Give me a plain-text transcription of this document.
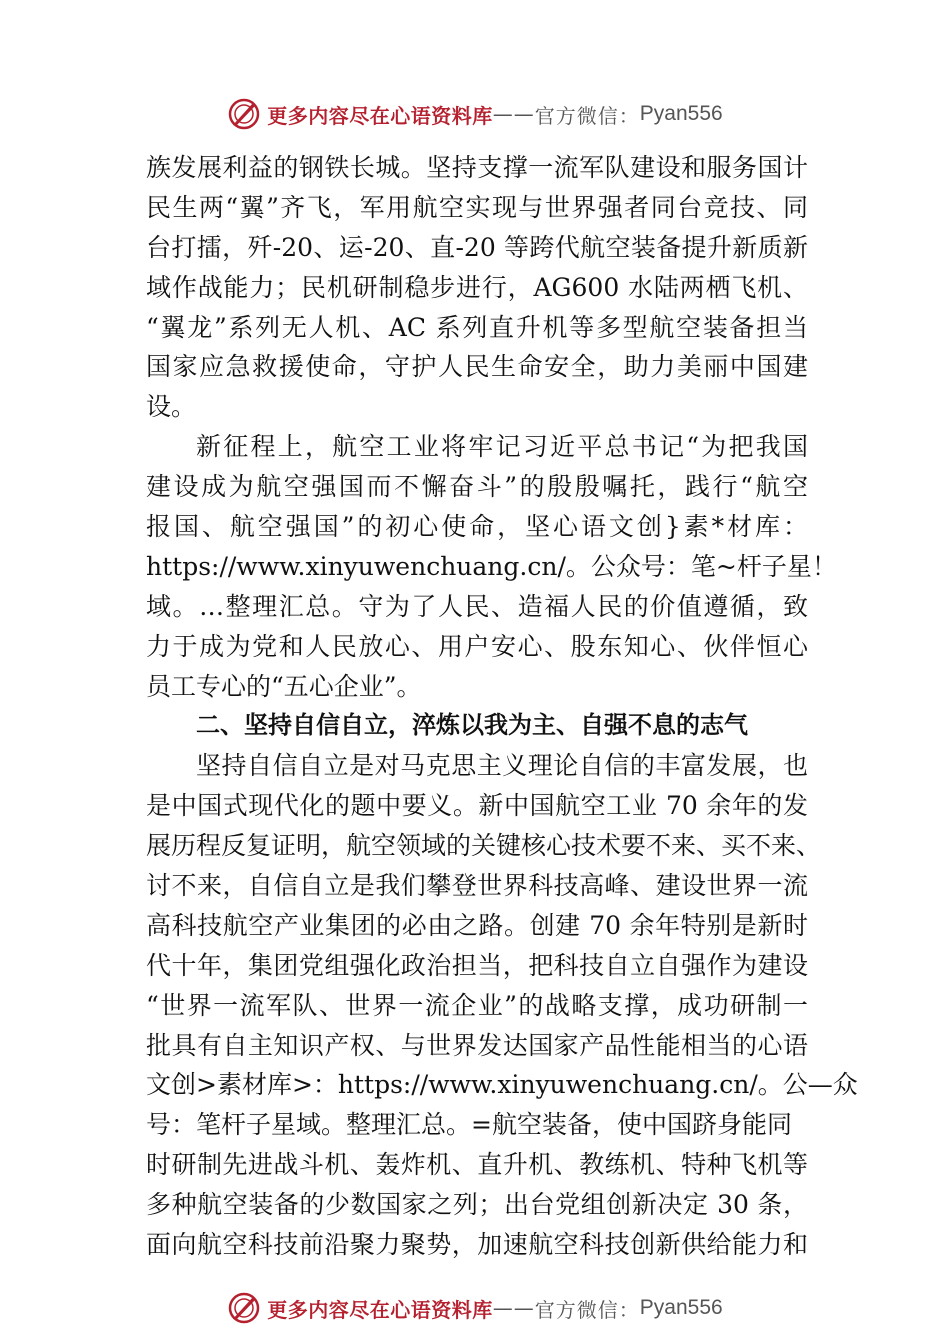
更多内容尽在心语资料库 —— 官方微信： Pyan556
族发展利益的钢铁长城。坚持支撑一流军队建设和服务国计
民生两“翼”齐飞，军用航空实现与世界强者同台竞技、同
台打擂，歼-20、运-20、直-20 等跨代航空装备提升新质新
域作战能力；民机研制稳步进行，AG600 水陆两栖飞机、
“翼龙”系列无人机、AC 系列直升机等多型航空装备担当
国家应急救援使命，守护人民生命安全，助力美丽中国建
设。
新征程上，航空工业将牢记习近平总书记“为把我国
建设成为航空强国而不懈奋斗”的殷殷嘱托，践行“航空
报国、航空强国”的初心使命，坚心语文创}素*材库：
https://www.xinyuwenchuang.cn/。公众号：笔~杆子星！
域。…整理汇总。守为了人民、造福人民的价值遵循，致
力于成为党和人民放心、用户安心、股东知心、伙伴恒心
员工专心的“五心企业”。
二、坚持自信自立，淬炼以我为主、自强不息的志气
坚持自信自立是对马克思主义理论自信的丰富发展，也
是中国式现代化的题中要义。新中国航空工业 70 余年的发
展历程反复证明，航空领域的关键核心技术要不来、买不来、
讨不来，自信自立是我们攀登世界科技高峰、建设世界一流
高科技航空产业集团的必由之路。创建 70 余年特别是新时
代十年，集团党组强化政治担当，把科技自立自强作为建设
“世界一流军队、世界一流企业”的战略支撑，成功研制一
批具有自主知识产权、与世界发达国家产品性能相当的心语
文创>素材库>：https://www.xinyuwenchuang.cn/。公—众
号：笔杆子星域。整理汇总。=航空装备，使中国跻身能同
时研制先进战斗机、轰炸机、直升机、教练机、特种飞机等
多种航空装备的少数国家之列；出台党组创新决定 30 条，
面向航空科技前沿聚力聚势，加速航空科技创新供给能力和
更多内容尽在心语资料库 —— 官方微信： Pyan556
